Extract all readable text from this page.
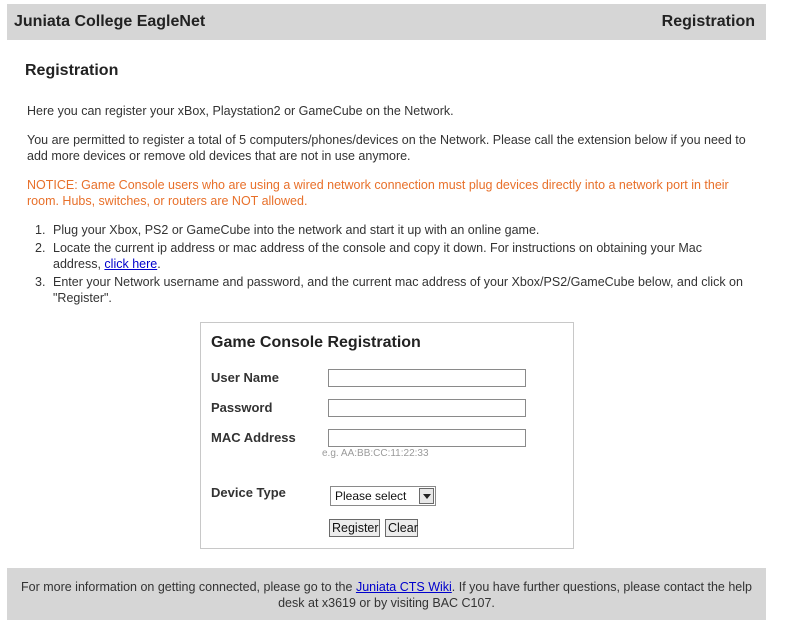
Juniata College EagleNet	Registration
Registration

Here you can register your xBox, Playstation2 or GameCube on the Network.

You are permitted to register a total of 5 computers/phones/devices on the Network. Please call the extension below if you need to add more devices or remove old devices that are not in use anymore.

NOTICE: Game Console users who are using a wired network connection must plug devices directly into a network port in their room. Hubs, switches, or routers are NOT allowed.

1. Plug your Xbox, PS2 or GameCube into the network and start it up with an online game.
2. Locate the current ip address or mac address of the console and copy it down. For instructions on obtaining your Mac address, click here.
3. Enter your Network username and password, and the current mac address of your Xbox/PS2/GameCube below, and click on "Register".
Game Console Registration
User Name
Password
MAC Address
e.g. AA:BB:CC:11:22:33
Device Type	Please select
Register Clear

For more information on getting connected, please go to the Juniata CTS Wiki. If you have further questions, please contact the help desk at x3619 or by visiting BAC C107.
